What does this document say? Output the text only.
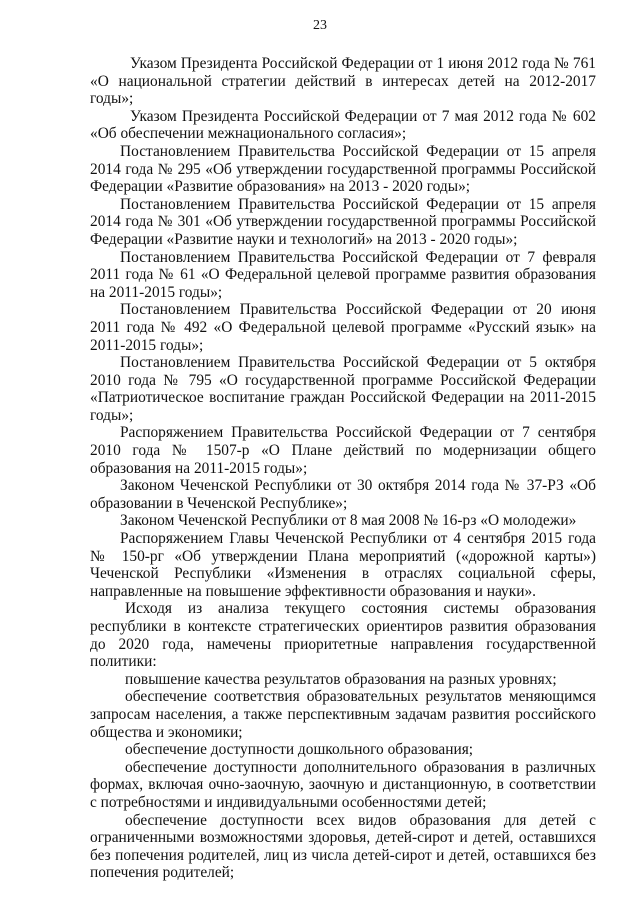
23

Указом Президента Российской Федерации от 1 июня 2012 года № 761 «О национальной стратегии действий в интересах детей на 2012-2017 годы»;

Указом Президента Российской Федерации от 7 мая 2012 года № 602 «Об обеспечении межнационального согласия»;

Постановлением Правительства Российской Федерации от 15 апреля 2014 года № 295 «Об утверждении государственной программы Российской Федерации «Развитие образования» на 2013 - 2020 годы»;

Постановлением Правительства Российской Федерации от 15 апреля 2014 года № 301 «Об утверждении государственной программы Российской Федерации «Развитие науки и технологий» на 2013 - 2020 годы»;

Постановлением Правительства Российской Федерации от 7 февраля 2011 года № 61 «О Федеральной целевой программе развития образования на 2011-2015 годы»;

Постановлением Правительства Российской Федерации от 20 июня 2011 года № 492 «О Федеральной целевой программе «Русский язык» на 2011-2015 годы»;

Постановлением Правительства Российской Федерации от 5 октября 2010 года № 795 «О государственной программе Российской Федерации «Патриотическое воспитание граждан Российской Федерации на 2011-2015 годы»;

Распоряжением Правительства Российской Федерации от 7 сентября 2010 года № 1507-р «О Плане действий по модернизации общего образования на 2011-2015 годы»;

Законом Чеченской Республики от 30 октября 2014 года № 37-РЗ «Об образовании в Чеченской Республике»;

Законом Чеченской Республики от 8 мая 2008 № 16-рз «О молодежи»

Распоряжением Главы Чеченской Республики от 4 сентября 2015 года № 150-рг «Об утверждении Плана мероприятий («дорожной карты») Чеченской Республики «Изменения в отраслях социальной сферы, направленные на повышение эффективности образования и науки».

Исходя из анализа текущего состояния системы образования республики в контексте стратегических ориентиров развития образования до 2020 года, намечены приоритетные направления государственной политики:

повышение качества результатов образования на разных уровнях;

обеспечение соответствия образовательных результатов меняющимся запросам населения, а также перспективным задачам развития российского общества и экономики;

обеспечение доступности дошкольного образования;

обеспечение доступности дополнительного образования в различных формах, включая очно-заочную, заочную и дистанционную, в соответствии с потребностями и индивидуальными особенностями детей;

обеспечение доступности всех видов образования для детей с ограниченными возможностями здоровья, детей-сирот и детей, оставшихся без попечения родителей, лиц из числа детей-сирот и детей, оставшихся без попечения родителей;
